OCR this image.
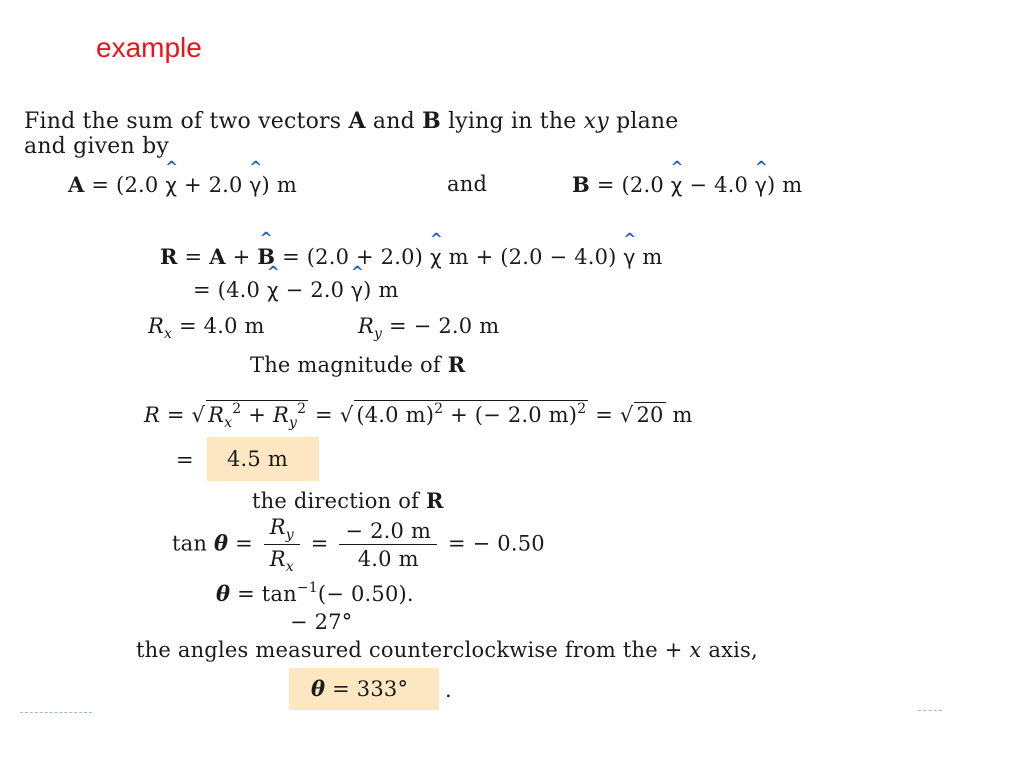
example
Find the sum of two vectors A and B lying in the xy plane
and given by
A = (2.0 ^ χ + 2.0 ^ γ) m	and	B = (2.0 ^ χ − 4.0 ^ γ) m
R = A + ^ B = (2.0 + 2.0) ^ χ m + (2.0 − 4.0) ^ γ m
= (4.0 ^ χ − 2.0 ^ γ) m
$R_x = 4.0$ m	$R_y$ = − 2.0 m
The magnitude of R
R = √ $R_x^2 + R_y^2$ = √ (4.0 m)$^2$ + (− 2.0 m)$^2$ = √ 20 m
=	4.5 m
the direction of R
$\tan \theta = \frac{R_y}{R_x} = \frac{- 2.0 m}{4.0 m}$ = − 0.50
$\theta = \tan^{-1}(- 0.50)$.
− 27°
the angles measured counterclockwise from the + x axis,
θ = 333°	.
